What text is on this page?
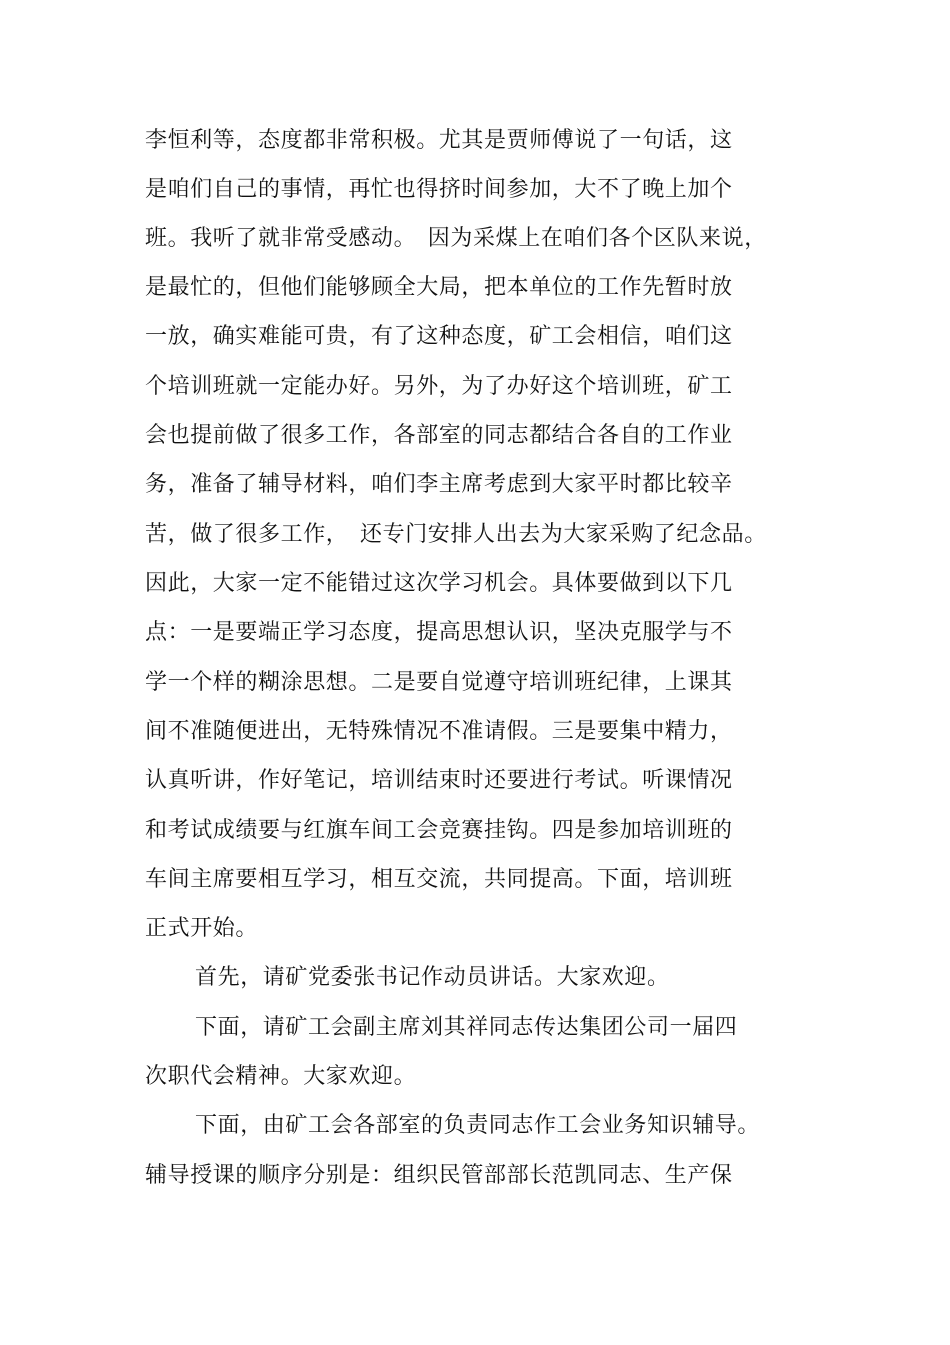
李恒利等，态度都非常积极。尤其是贾师傅说了一句话，这
是咱们自己的事情，再忙也得挤时间参加，大不了晚上加个
班。我听了就非常受感动。　因为采煤上在咱们各个区队来说，
是最忙的，但他们能够顾全大局，把本单位的工作先暂时放
一放，确实难能可贵，有了这种态度，矿工会相信，咱们这
个培训班就一定能办好。另外，为了办好这个培训班，矿工
会也提前做了很多工作，各部室的同志都结合各自的工作业
务，准备了辅导材料，咱们李主席考虑到大家平时都比较辛
苦，做了很多工作，　还专门安排人出去为大家采购了纪念品。
因此，大家一定不能错过这次学习机会。具体要做到以下几
点：一是要端正学习态度，提高思想认识，坚决克服学与不
学一个样的糊涂思想。二是要自觉遵守培训班纪律，上课其
间不准随便进出，无特殊情况不准请假。三是要集中精力，
认真听讲，作好笔记，培训结束时还要进行考试。听课情况
和考试成绩要与红旗车间工会竞赛挂钩。四是参加培训班的
车间主席要相互学习，相互交流，共同提高。下面，培训班
正式开始。
首先，请矿党委张书记作动员讲话。大家欢迎。
下面，请矿工会副主席刘其祥同志传达集团公司一届四
次职代会精神。大家欢迎。
下面，由矿工会各部室的负责同志作工会业务知识辅导。
辅导授课的顺序分别是：组织民管部部长范凯同志、生产保
